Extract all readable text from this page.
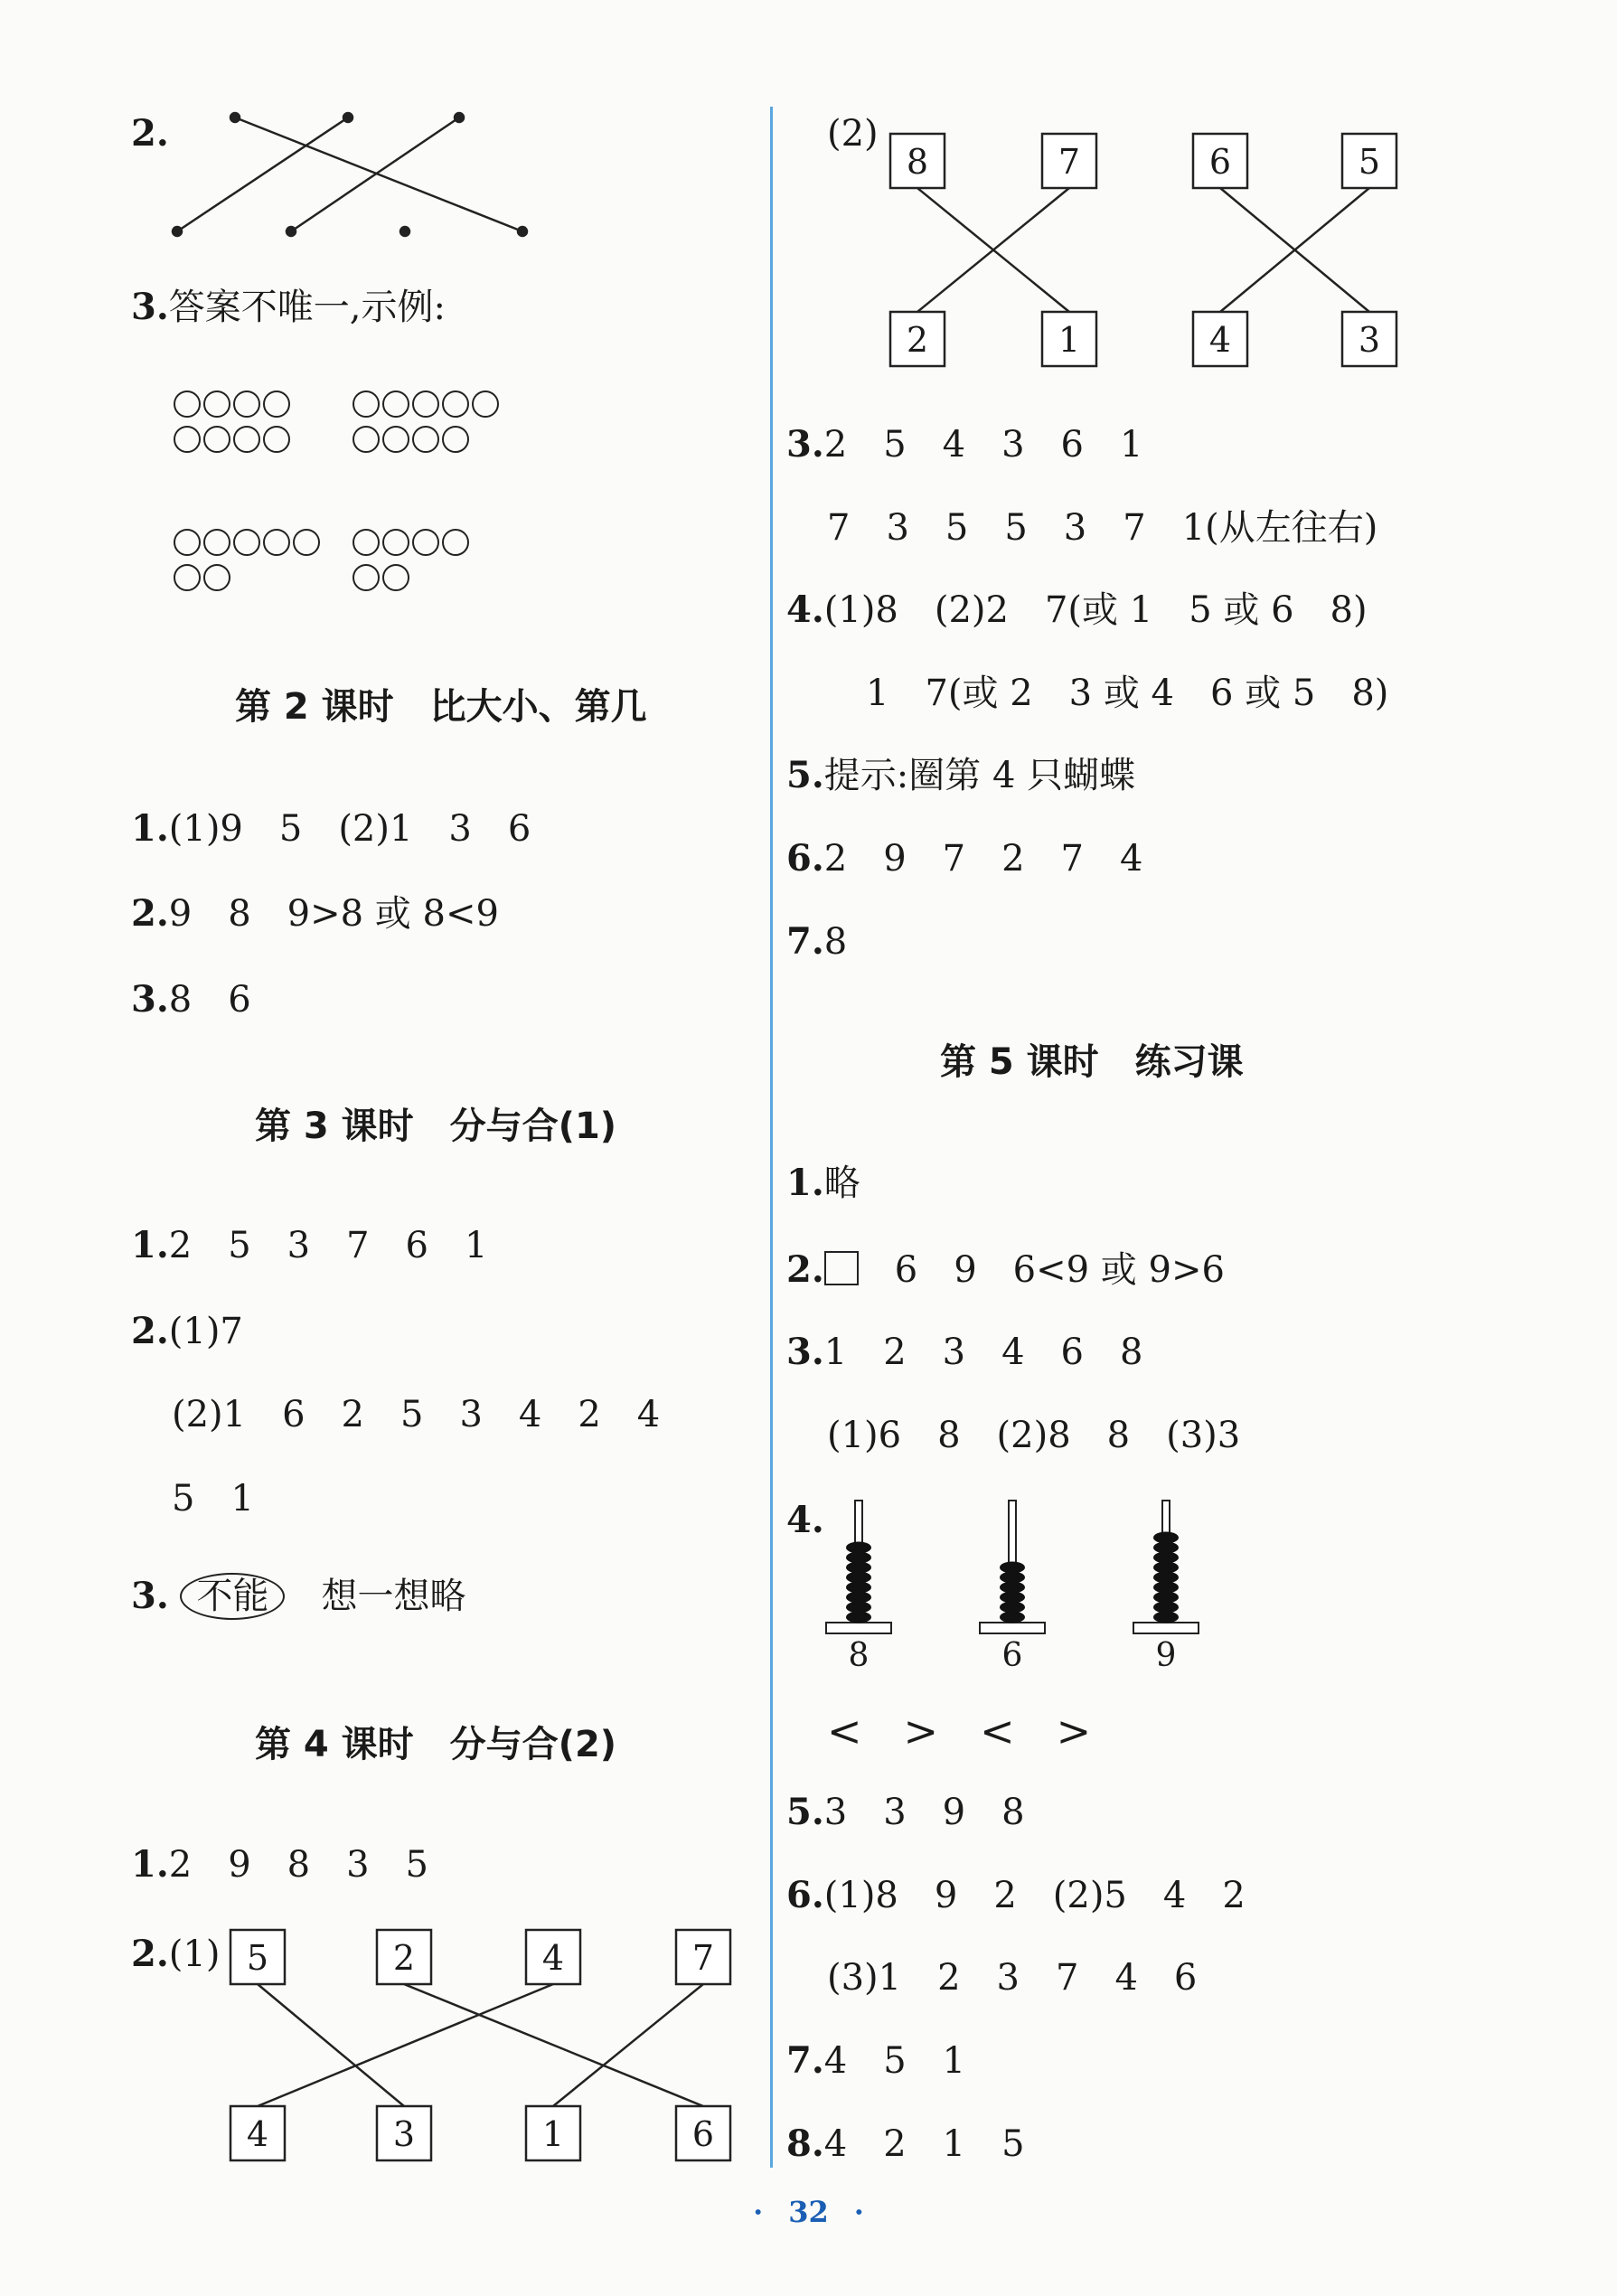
2.
3.答案不唯一,示例:
第 2 课时　比大小、第几
1.(1)9　5　(2)1　3　6
2.9　8　9>8 或 8<9
3.8　6
第 3 课时　分与合(1)
1.2　5　3　7　6　1
2.(1)7
(2)1　6　2　5　3　4　2　4
5　1
3. 不能　 想一想略
第 4 课时　分与合(2)
1.2　9　8　3　5
2.(1) 5	2	4	7
4	3	1	6
(2)
8	7	6	5
2	1	4	3
3.2　5　4　3　6　1
7　3　5　5　3　7　1(从左往右)
4.(1)8　(2)2　7(或 1　5 或 6　8)
1　7(或 2　3 或 4　6 或 5　8)
5.提示:圈第 4 只蝴蝶
6.2　9　7　2　7　4
7.8
第 5 课时　练习课
1.略
2.　 6　9　6<9 或 9>6
3.1　2　3　4　6　8
(1)6　8　(2)8　8　(3)3
4.
8	6	9
<　>　<　>
5.3　3　9　8
6.(1)8　9　2　(2)5　4　2
(3)1　2　3　7　4　6
7.4　5　1
8.4　2　1　5
· 32 ·
